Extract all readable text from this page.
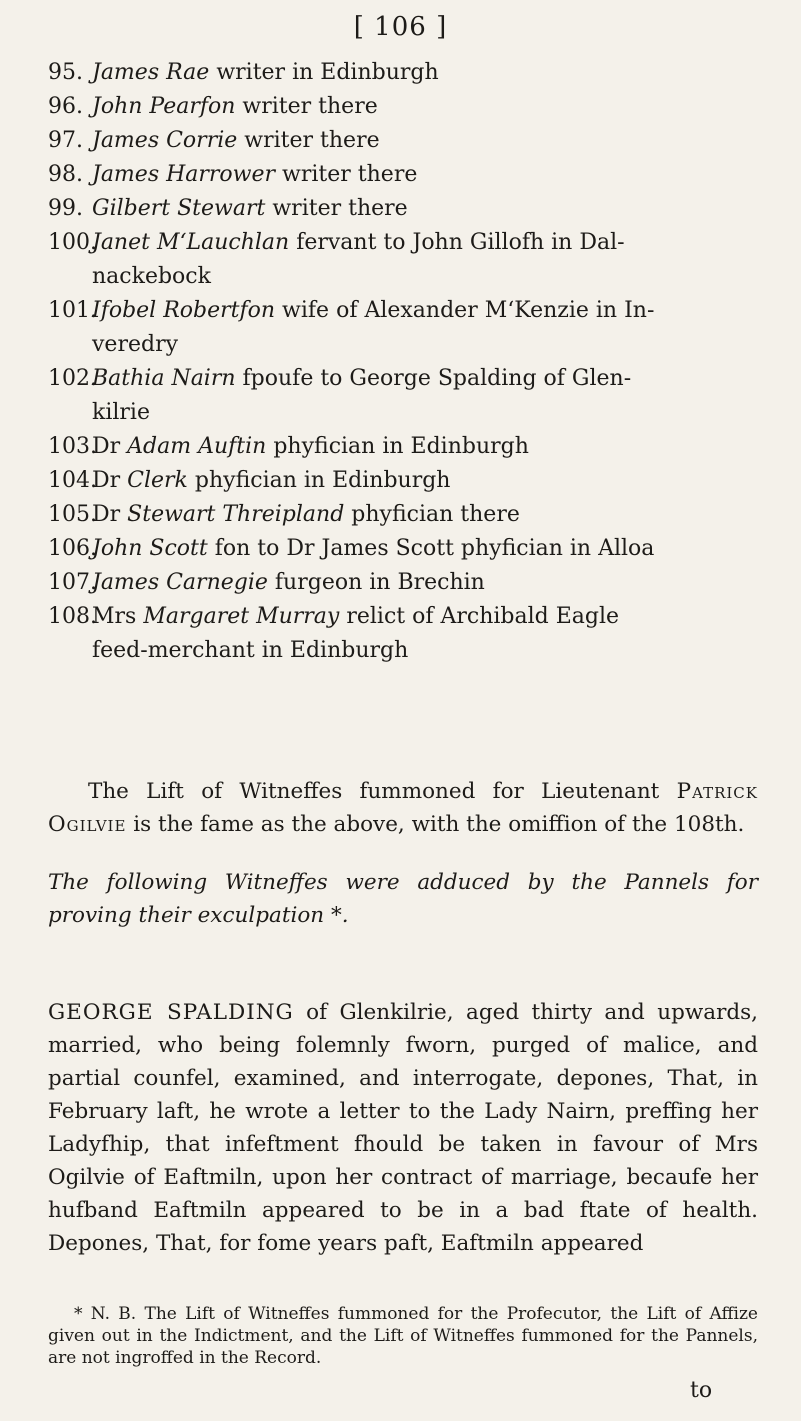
[ 106 ]
95. James Rae writer in Edinburgh
96. John Pearfon writer there
97. James Corrie writer there
98. James Harrower writer there
99. Gilbert Stewart writer there
100.
Janet M‘Lauchlan fervant to John Gillofh in Dal-
nackebock
101.
Ifobel Robertfon wife of Alexander M‘Kenzie in In-
veredry
102.
Bathia Nairn fpoufe to George Spalding of Glen-
kilrie
103.
Dr Adam Auftin phyfician in Edinburgh
104.
Dr Clerk phyfician in Edinburgh
105.
Dr Stewart Threipland phyfician there
106.
John Scott fon to Dr James Scott phyfician in Alloa
107.
James Carnegie furgeon in Brechin
108.
Mrs Margaret Murray relict of Archibald Eagle
feed-merchant in Edinburgh
The Lift of Witneffes fummoned for Lieutenant Patrick Ogilvie is the fame as the above, with the omiffion of the 108th.
The following Witneffes were adduced by the Pannels for proving their exculpation *.
GEORGE SPALDING of Glenkilrie, aged thirty and upwards, married, who being folemnly fworn, purged of malice, and partial counfel, examined, and interrogate, depones, That, in February laft, he wrote a letter to the Lady Nairn, preffing her Ladyfhip, that infeftment fhould be taken in favour of Mrs Ogilvie of Eaftmiln, upon her contract of marriage, becaufe her hufband Eaftmiln appeared to be in a bad ftate of health. Depones, That, for fome years paft, Eaftmiln appeared
* N. B. The Lift of Witneffes fummoned for the Profecutor, the Lift of Affize given out in the Indictment, and the Lift of Witneffes fummoned for the Pannels, are not ingroffed in the Record.
to
